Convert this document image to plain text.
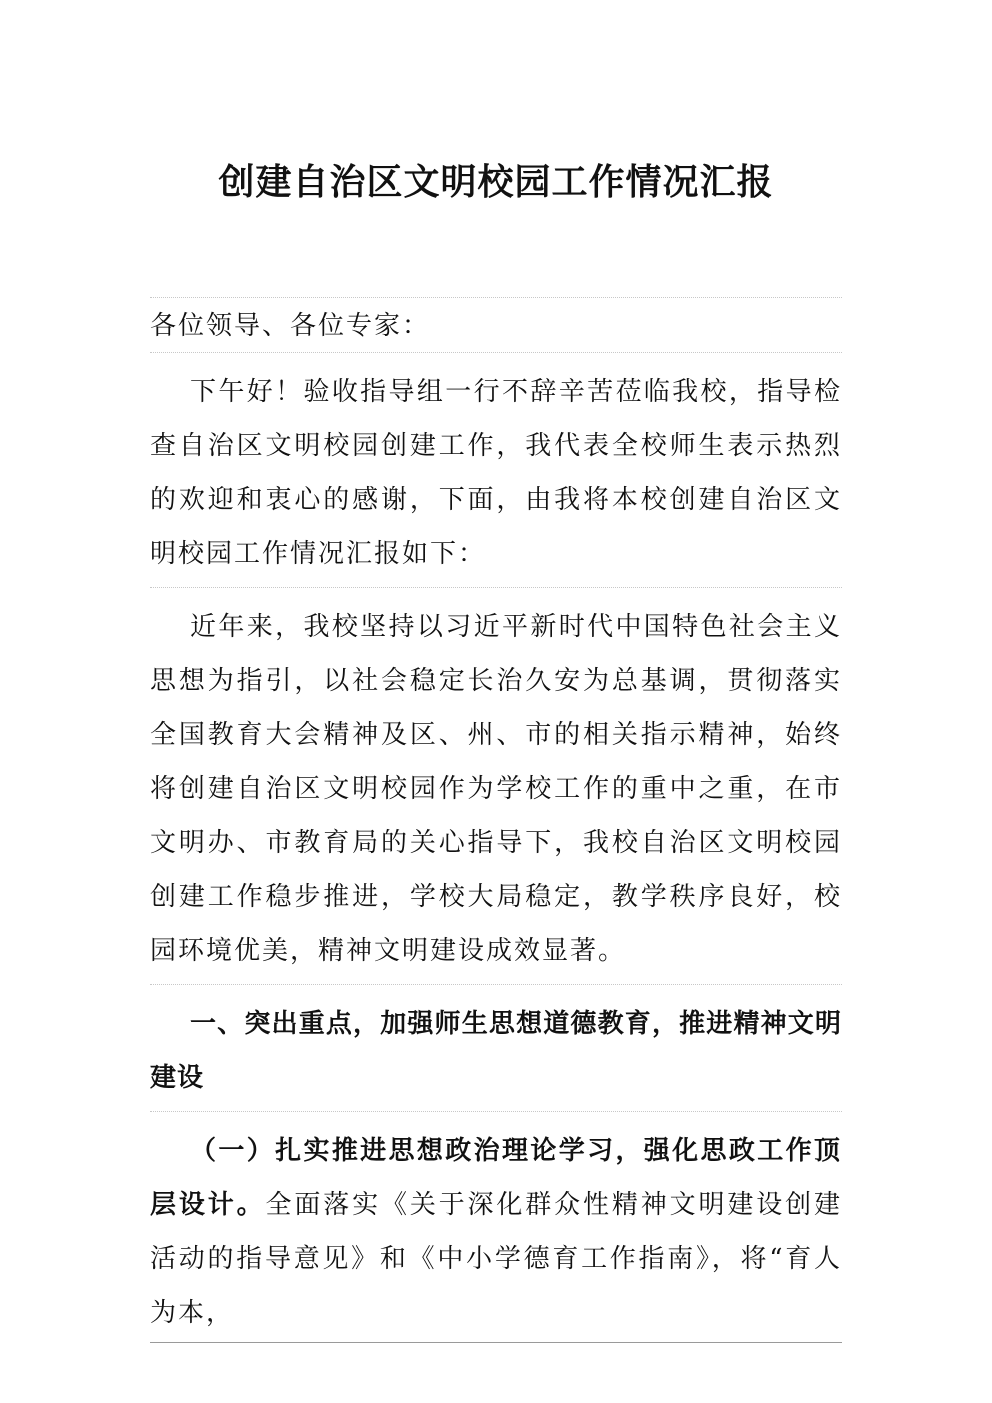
创建自治区文明校园工作情况汇报

各位领导、各位专家：

下午好！验收指导组一行不辞辛苦莅临我校，指导检查自治区文明校园创建工作，我代表全校师生表示热烈的欢迎和衷心的感谢，下面，由我将本校创建自治区文明校园工作情况汇报如下：

近年来，我校坚持以习近平新时代中国特色社会主义思想为指引，以社会稳定长治久安为总基调，贯彻落实全国教育大会精神及区、州、市的相关指示精神，始终将创建自治区文明校园作为学校工作的重中之重，在市文明办、市教育局的关心指导下，我校自治区文明校园创建工作稳步推进，学校大局稳定，教学秩序良好，校园环境优美，精神文明建设成效显著。

一、突出重点，加强师生思想道德教育，推进精神文明建设

（一）扎实推进思想政治理论学习，强化思政工作顶层设计。全面落实《关于深化群众性精神文明建设创建活动的指导意见》和《中小学德育工作指南》，将“育人为本，
